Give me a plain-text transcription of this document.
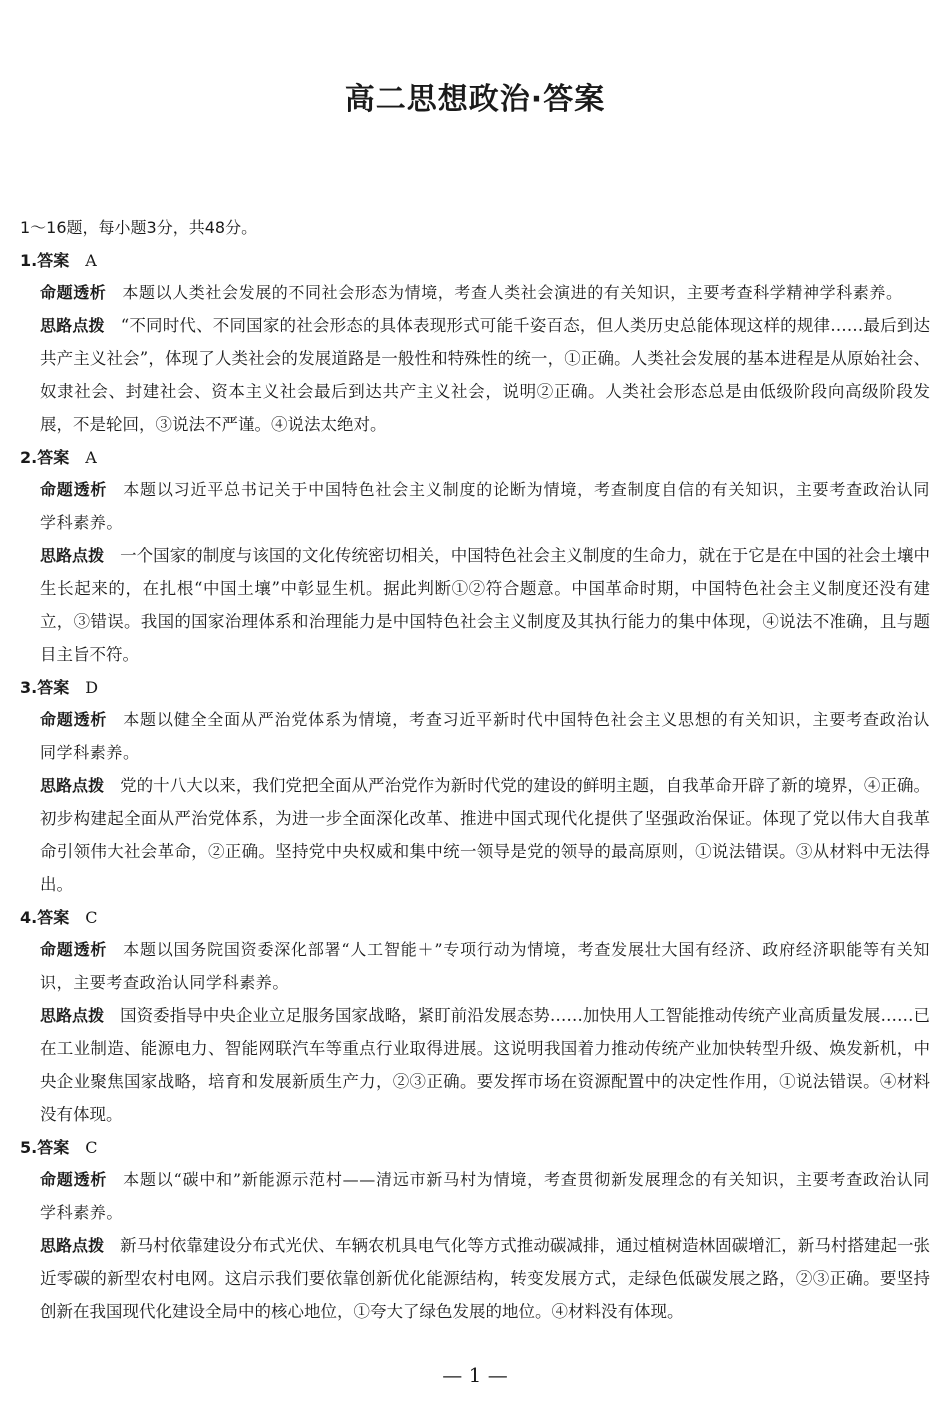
高二思想政治·答案
1～16题，每小题3分，共48分。
1.答案 A
命题透析 本题以人类社会发展的不同社会形态为情境，考查人类社会演进的有关知识，主要考查科学精神学科素养。
思路点拨 “不同时代、不同国家的社会形态的具体表现形式可能千姿百态，但人类历史总能体现这样的规律……最后到达共产主义社会”，体现了人类社会的发展道路是一般性和特殊性的统一，①正确。人类社会发展的基本进程是从原始社会、奴隶社会、封建社会、资本主义社会最后到达共产主义社会，说明②正确。人类社会形态总是由低级阶段向高级阶段发展，不是轮回，③说法不严谨。④说法太绝对。
2.答案 A
命题透析 本题以习近平总书记关于中国特色社会主义制度的论断为情境，考查制度自信的有关知识，主要考查政治认同学科素养。
思路点拨 一个国家的制度与该国的文化传统密切相关，中国特色社会主义制度的生命力，就在于它是在中国的社会土壤中生长起来的，在扎根“中国土壤”中彰显生机。据此判断①②符合题意。中国革命时期，中国特色社会主义制度还没有建立，③错误。我国的国家治理体系和治理能力是中国特色社会主义制度及其执行能力的集中体现，④说法不准确，且与题目主旨不符。
3.答案 D
命题透析 本题以健全全面从严治党体系为情境，考查习近平新时代中国特色社会主义思想的有关知识，主要考查政治认同学科素养。
思路点拨 党的十八大以来，我们党把全面从严治党作为新时代党的建设的鲜明主题，自我革命开辟了新的境界，④正确。初步构建起全面从严治党体系，为进一步全面深化改革、推进中国式现代化提供了坚强政治保证。体现了党以伟大自我革命引领伟大社会革命，②正确。坚持党中央权威和集中统一领导是党的领导的最高原则，①说法错误。③从材料中无法得出。
4.答案 C
命题透析 本题以国务院国资委深化部署“人工智能＋”专项行动为情境，考查发展壮大国有经济、政府经济职能等有关知识，主要考查政治认同学科素养。
思路点拨 国资委指导中央企业立足服务国家战略，紧盯前沿发展态势……加快用人工智能推动传统产业高质量发展……已在工业制造、能源电力、智能网联汽车等重点行业取得进展。这说明我国着力推动传统产业加快转型升级、焕发新机，中央企业聚焦国家战略，培育和发展新质生产力，②③正确。要发挥市场在资源配置中的决定性作用，①说法错误。④材料没有体现。
5.答案 C
命题透析 本题以“碳中和”新能源示范村——清远市新马村为情境，考查贯彻新发展理念的有关知识，主要考查政治认同学科素养。
思路点拨 新马村依靠建设分布式光伏、车辆农机具电气化等方式推动碳减排，通过植树造林固碳增汇，新马村搭建起一张近零碳的新型农村电网。这启示我们要依靠创新优化能源结构，转变发展方式，走绿色低碳发展之路，②③正确。要坚持创新在我国现代化建设全局中的核心地位，①夸大了绿色发展的地位。④材料没有体现。
— 1 —
